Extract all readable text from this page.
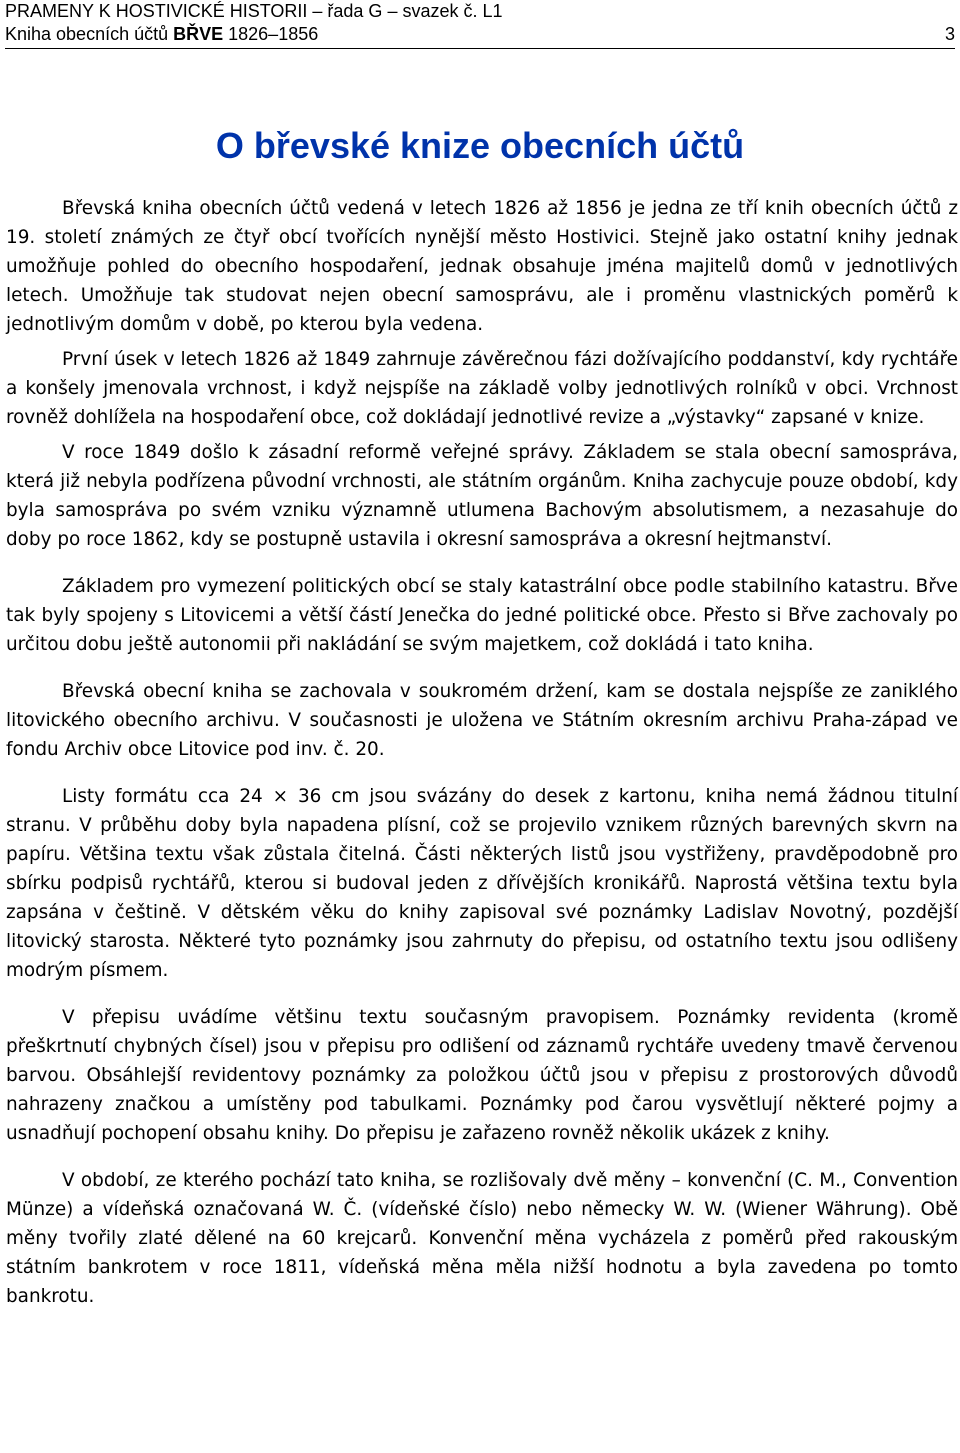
PRAMENY K HOSTIVICKÉ HISTORII – řada G – svazek č. L1
Kniha obecních účtů BŘVE 1826–1856	3
O břevské knize obecních účtů

Břevská kniha obecních účtů vedená v letech 1826 až 1856 je jedna ze tří knih obecních účtů z 19. století známých ze čtyř obcí tvořících nynější město Hostivici. Stejně jako ostatní knihy jednak umožňuje pohled do obecního hospodaření, jednak obsahuje jména majitelů domů v jednotlivých letech. Umožňuje tak studovat nejen obecní samosprávu, ale i proměnu vlastnických poměrů k jednotlivým domům v době, po kterou byla vedena.

První úsek v letech 1826 až 1849 zahrnuje závěrečnou fázi dožívajícího poddanství, kdy rychtáře a konšely jmenovala vrchnost, i když nejspíše na základě volby jednotlivých rolníků v obci. Vrchnost rovněž dohlížela na hospodaření obce, což dokládají jednotlivé revize a „výstavky“ zapsané v knize.

V roce 1849 došlo k zásadní reformě veřejné správy. Základem se stala obecní samospráva, která již nebyla podřízena původní vrchnosti, ale státním orgánům. Kniha zachycuje pouze období, kdy byla samospráva po svém vzniku významně utlumena Bachovým absolutismem, a nezasahuje do doby po roce 1862, kdy se postupně ustavila i okresní samospráva a okresní hejtmanství.

Základem pro vymezení politických obcí se staly katastrální obce podle stabilního katastru. Břve tak byly spojeny s Litovicemi a větší částí Jenečka do jedné politické obce. Přesto si Břve zachovaly po určitou dobu ještě autonomii při nakládání se svým majetkem, což dokládá i tato kniha.

Břevská obecní kniha se zachovala v soukromém držení, kam se dostala nejspíše ze zaniklého litovického obecního archivu. V současnosti je uložena ve Státním okresním archivu Praha-západ ve fondu Archiv obce Litovice pod inv. č. 20.

Listy formátu cca 24 × 36 cm jsou svázány do desek z kartonu, kniha nemá žádnou titulní stranu. V průběhu doby byla napadena plísní, což se projevilo vznikem různých barevných skvrn na papíru. Většina textu však zůstala čitelná. Části některých listů jsou vystřiženy, pravděpodobně pro sbírku podpisů rychtářů, kterou si budoval jeden z dřívějších kronikářů. Naprostá většina textu byla zapsána v češtině. V dětském věku do knihy zapisoval své poznámky Ladislav Novotný, pozdější litovický starosta. Některé tyto poznámky jsou zahrnuty do přepisu, od ostatního textu jsou odlišeny modrým písmem.

V přepisu uvádíme většinu textu současným pravopisem. Poznámky revidenta (kromě přeškrtnutí chybných čísel) jsou v přepisu pro odlišení od záznamů rychtáře uvedeny tmavě červenou barvou. Obsáhlejší revidentovy poznámky za položkou účtů jsou v přepisu z prostorových důvodů nahrazeny značkou a umístěny pod tabulkami. Poznámky pod čarou vysvětlují některé pojmy a usnadňují pochopení obsahu knihy. Do přepisu je zařazeno rovněž několik ukázek z knihy.

V období, ze kterého pochází tato kniha, se rozlišovaly dvě měny – konvenční (C. M., Convention Münze) a vídeňská označovaná W. Č. (vídeňské číslo) nebo německy W. W. (Wiener Währung). Obě měny tvořily zlaté dělené na 60 krejcarů. Konvenční měna vycházela z poměrů před rakouským státním bankrotem v roce 1811, vídeňská měna měla nižší hodnotu a byla zavedena po tomto bankrotu.
